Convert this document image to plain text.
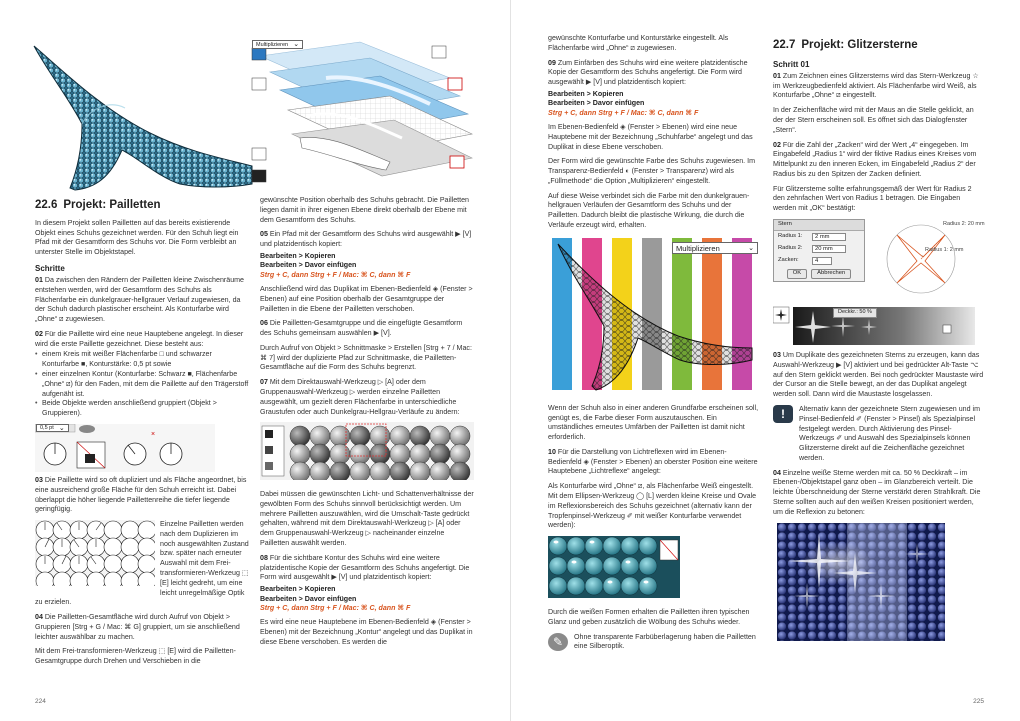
Multiplizieren ⌄
22.6 Projekt: Pailletten

In diesem Projekt sollen Pailletten auf das bereits existierende Objekt eines Schuhs gezeichnet werden. Für den Schuh liegt ein Pfad mit der Gesamtform des Schuhs vor. Die Form verbleibt an unterster Stelle im Objektstapel.

Schritte

01 Da zwischen den Rändern der Pailletten kleine Zwischenräume entstehen werden, wird der Gesamtform des Schuhs als Flächenfarbe ein dunkelgrauer-hellgrauer Verlauf zugewiesen, da der Schuh dadurch plastischer erscheint. Als Konturfarbe wird „Ohne“ ⧄ zugewiesen.

02 Für die Paillette wird eine neue Hauptebene angelegt. In dieser wird die erste Paillette gezeichnet. Diese besteht aus:

• einem Kreis mit weißer Flächenfarbe □ und schwarzer Konturfarbe ■, Konturstärke: 0,5 pt sowie
• einer einzelnen Kontur (Konturfarbe: Schwarz ■, Flächenfarbe „Ohne“ ⧄) für den Faden, mit dem die Paillette auf den Trägerstoff aufgenäht ist.
• Beide Objekte werden anschließend gruppiert (Objekt > Gruppieren).
×
0,5 pt ⌄

03 Die Paillette wird so oft dupliziert und als Fläche angeordnet, bis eine ausreichend große Fläche für den Schuh erreicht ist. Dabei überlappt die höher liegende Paillettenreihe die tiefer liegende geringfügig.

Einzelne Pailletten werden nach dem Duplizieren im noch ausgewählten Zustand bzw. später nach erneuter Auswahl mit dem Frei-transformieren-Werkzeug ⬚ [E] leicht gedreht, um eine leicht unregelmäßige Optik zu erzielen.

04 Die Pailletten-Gesamtfläche wird durch Aufruf von Objekt > Gruppieren [Strg + G / Mac: ⌘ G] gruppiert, um sie anschließend leichter auswählbar zu machen.

Mit dem Frei-transformieren-Werkzeug ⬚ [E] wird die Pailletten-Gesamtgruppe durch Drehen und Verschieben in die

gewünschte Position oberhalb des Schuhs gebracht. Die Pailletten liegen damit in ihrer eigenen Ebene direkt oberhalb der Ebene mit dem Gesamtform des Schuhs.

05 Ein Pfad mit der Gesamtform des Schuhs wird ausgewählt ▶ [V] und platzidentisch kopiert:

Bearbeiten > Kopieren
Bearbeiten > Davor einfügen
Strg + C, dann Strg + F / Mac: ⌘ C, dann ⌘ F

Anschließend wird das Duplikat im Ebenen-Bedienfeld ◈ (Fenster > Ebenen) auf eine Position oberhalb der Gesamtgruppe der Pailletten in die Ebene der Pailletten verschoben.

06 Die Pailletten-Gesamtgruppe und die eingefügte Gesamtform des Schuhs gemeinsam auswählen ▶ [V].

Durch Aufruf von Objekt > Schnittmaske > Erstellen [Strg + 7 / Mac: ⌘ 7] wird der duplizierte Pfad zur Schnittmaske, die Pailletten-Gesamtfläche auf die Form des Schuhs begrenzt.

07 Mit dem Direktauswahl-Werkzeug ▷ [A] oder dem Gruppenauswahl-Werkzeug ▷ werden einzelne Pailletten ausgewählt, um gezielt deren Flächenfarbe in unterschiedliche Graustufen oder auch Dunkelgrau-Hellgrau-Verläufe zu ändern:

Dabei müssen die gewünschten Licht- und Schattenverhältnisse der gewölbten Form des Schuhs sinnvoll berücksichtigt werden. Um mehrere Pailletten auszuwählen, wird die Umschalt-Taste gedrückt gehalten, während mit dem Direktauswahl-Werkzeug ▷ [A] oder dem Gruppenauswahl-Werkzeug ▷ nacheinander einzelne Pailletten auswählt werden.

08 Für die sichtbare Kontur des Schuhs wird eine weitere platzidentische Kopie der Gesamtform des Schuhs angefertigt. Die Form wird ausgewählt ▶ [V] und platzidentisch kopiert:

Bearbeiten > Kopieren
Bearbeiten > Davor einfügen
Strg + C, dann Strg + F / Mac: ⌘ C, dann ⌘ F

Es wird eine neue Hauptebene im Ebenen-Bedienfeld ◈ (Fenster > Ebenen) mit der Bezeichnung „Kontur“ angelegt und das Duplikat in diese Ebene verschoben. Es werden die

224

gewünschte Konturfarbe und Konturstärke eingestellt. Als Flächenfarbe wird „Ohne“ ⧄ zugewiesen.

09 Zum Einfärben des Schuhs wird eine weitere platzidentische Kopie der Gesamtform des Schuhs angefertigt. Die Form wird ausgewählt ▶ [V] und platzidentisch kopiert:

Bearbeiten > Kopieren
Bearbeiten > Davor einfügen
Strg + C, dann Strg + F / Mac: ⌘ C, dann ⌘ F

Im Ebenen-Bedienfeld ◈ (Fenster > Ebenen) wird eine neue Hauptebene mit der Bezeichnung „Schuhfarbe“ angelegt und das Duplikat in diese Ebene verschoben.

Der Form wird die gewünschte Farbe des Schuhs zugewiesen. Im Transparenz-Bedienfeld ◐ (Fenster > Transparenz) wird als „Füllmethode“ die Option „Multiplizieren“ eingestellt.

Auf diese Weise verbindet sich die Farbe mit den dunkelgrauen-hellgrauen Verläufen der Gesamtform des Schuhs und der Pailletten. Dadurch bleibt die plastische Wirkung, die durch die Verläufe erzeugt wird, erhalten.

Multiplizieren	⌄

Wenn der Schuh also in einer anderen Grundfarbe erscheinen soll, genügt es, die Farbe dieser Form auszutauschen. Ein umständliches erneutes Umfärben der Pailletten ist damit nicht erforderlich.

10 Für die Darstellung von Lichtreflexen wird im Ebenen-Bedienfeld ◈ (Fenster > Ebenen) an oberster Position eine weitere Hauptebene „Lichtreflexe“ angelegt:

Als Konturfarbe wird „Ohne“ ⧄, als Flächenfarbe Weiß eingestellt. Mit dem Ellipsen-Werkzeug ◯ [L] werden kleine Kreise und Ovale im Reflexionsbereich des Schuhs gezeichnet (alternativ kann der Tropfenpinsel-Werkzeug ✐ mit weißer Konturfarbe verwendet werden):

Durch die weißen Formen erhalten die Pailletten ihren typischen Glanz und geben zusätzlich die Wölbung des Schuhs wieder.

✎	Ohne transparente Farbüberlagerung haben die Pailletten eine Silberoptik.

22.7 Projekt: Glitzersterne
Schritt 01

01 Zum Zeichnen eines Glitzersterns wird das Stern-Werkzeug ☆ im Werkzeugbedienfeld aktiviert. Als Flächenfarbe wird Weiß, als Konturfarbe „Ohne“ ⧄ eingestellt.

In der Zeichenfläche wird mit der Maus an die Stelle geklickt, an der der Stern erscheinen soll. Es öffnet sich das Dialogfenster „Stern“.

02 Für die Zahl der „Zacken“ wird der Wert „4“ eingegeben. Im Eingabefeld „Radius 1“ wird der fiktive Radius eines Kreises vom Mittelpunkt zu den inneren Ecken, im Eingabefeld „Radius 2“ der Radius bis zu den Spitzen der Zacken definiert.

Für Glitzersterne sollte erfahrungsgemäß der Wert für Radius 2 den zehnfachen Wert von Radius 1 betragen. Die Eingaben werden mit „OK“ bestätigt:

Stern
Radius 1:	2 mm
Radius 2:	20 mm
Zacken:	4
OK	Abbrechen
Radius 2: 20 mm
Radius 1: 2 mm
Deckkr.: 50 %

03 Um Duplikate des gezeichneten Sterns zu erzeugen, kann das Auswahl-Werkzeug ▶ [V] aktiviert und bei gedrückter Alt-Taste ⌥ auf den Stern geklickt werden. Bei noch gedrückter Maustaste wird der Cursor an die Stelle bewegt, an der das Duplikat angelegt werden soll. Dann wird die Maustaste losgelassen.

!	Alternativ kann der gezeichnete Stern zugewiesen und im Pinsel-Bedienfeld ✐ (Fenster > Pinsel) als Spezialpinsel festgelegt werden. Durch Aktivierung des Pinsel-Werkzeugs ✐ und Auswahl des Spezialpinsels können Glitzersterne direkt auf die Zeichenfläche gezeichnet werden.

04 Einzelne weiße Sterne werden mit ca. 50 % Deckkraft – im Ebenen-/Objektstapel ganz oben – im Glanzbereich verteilt. Die leichte Überschneidung der Sterne verstärkt deren Strahlkraft. Die Sterne sollten auch auf den weißen Kreisen positioniert werden, um die Reflexion zu betonen:

225
